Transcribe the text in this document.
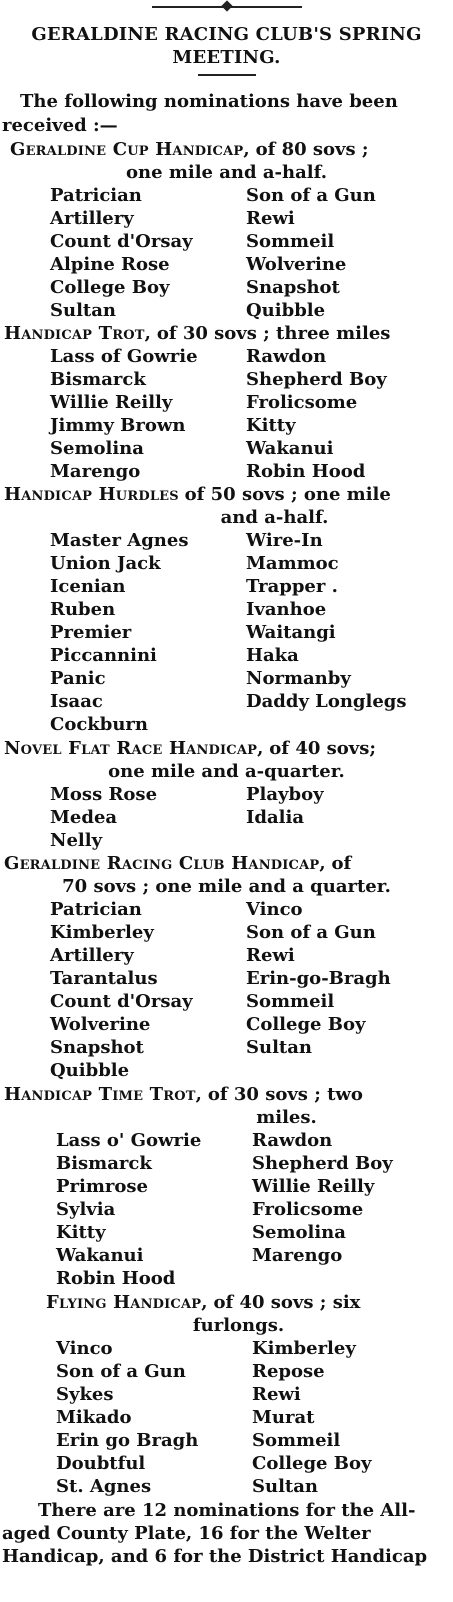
GERALDINE RACING CLUB'S SPRING
MEETING.
The following nominations have been
received :—
Geraldine Cup Handicap, of 80 sovs ;
one mile and a-half.
Patrician	Son of a Gun
Artillery	Rewi
Count d'Orsay	Sommeil
Alpine Rose	Wolverine
College Boy	Snapshot
Sultan	Quibble
Handicap Trot, of 30 sovs ; three miles
Lass of Gowrie	Rawdon
Bismarck	Shepherd Boy
Willie Reilly	Frolicsome
Jimmy Brown	Kitty
Semolina	Wakanui
Marengo	Robin Hood
Handicap Hurdles of 50 sovs ; one mile
and a-half.
Master Agnes	Wire-In
Union Jack	Mammoc
Icenian	Trapper .
Ruben	Ivanhoe
Premier	Waitangi
Piccannini	Haka
Panic	Normanby
Isaac	Daddy Longlegs
Cockburn
Novel Flat Race Handicap, of 40 sovs;
one mile and a-quarter.
Moss Rose	Playboy
Medea	Idalia
Nelly
Geraldine Racing Club Handicap, of
70 sovs ; one mile and a quarter.
Patrician	Vinco
Kimberley	Son of a Gun
Artillery	Rewi
Tarantalus	Erin-go-Bragh
Count d'Orsay	Sommeil
Wolverine	College Boy
Snapshot	Sultan
Quibble
Handicap Time Trot, of 30 sovs ; two
miles.
Lass o' Gowrie	Rawdon
Bismarck	Shepherd Boy
Primrose	Willie Reilly
Sylvia	Frolicsome
Kitty	Semolina
Wakanui	Marengo
Robin Hood
Flying Handicap, of 40 sovs ; six
furlongs.
Vinco	Kimberley
Son of a Gun	Repose
Sykes	Rewi
Mikado	Murat
Erin go Bragh	Sommeil
Doubtful	College Boy
St. Agnes	Sultan
There are 12 nominations for the All-
aged County Plate, 16 for the Welter
Handicap, and 6 for the District Handicap
